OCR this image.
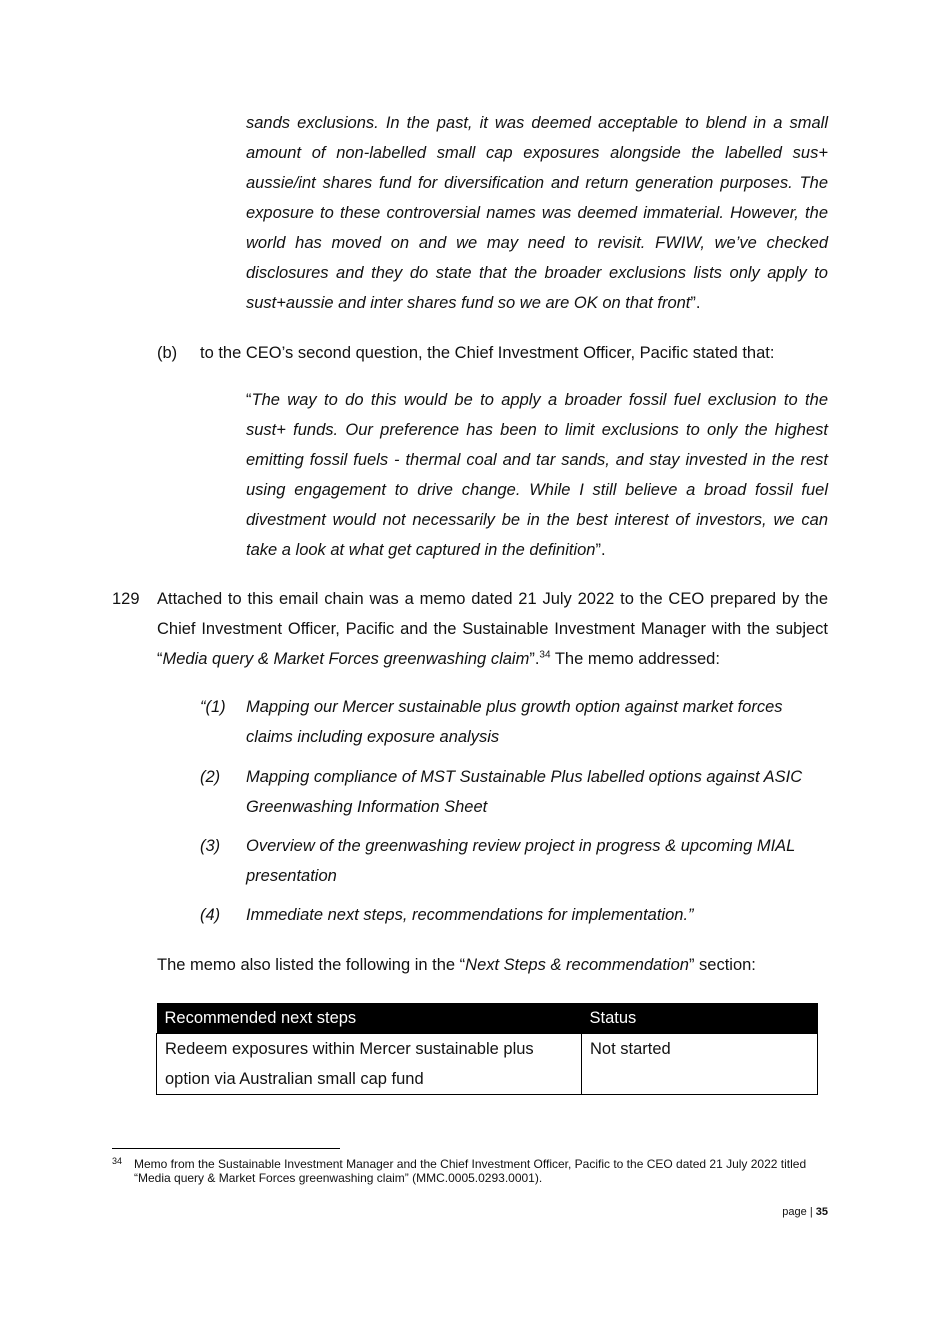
sands exclusions. In the past, it was deemed acceptable to blend in a small amount of non-labelled small cap exposures alongside the labelled sus+ aussie/int shares fund for diversification and return generation purposes. The exposure to these controversial names was deemed immaterial. However, the world has moved on and we may need to revisit. FWIW, we’ve checked disclosures and they do state that the broader exclusions lists only apply to sust+aussie and inter shares fund so we are OK on that front”.
(b) to the CEO’s second question, the Chief Investment Officer, Pacific stated that:
“The way to do this would be to apply a broader fossil fuel exclusion to the sust+ funds. Our preference has been to limit exclusions to only the highest emitting fossil fuels - thermal coal and tar sands, and stay invested in the rest using engagement to drive change. While I still believe a broad fossil fuel divestment would not necessarily be in the best interest of investors, we can take a look at what get captured in the definition”.
129 Attached to this email chain was a memo dated 21 July 2022 to the CEO prepared by the Chief Investment Officer, Pacific and the Sustainable Investment Manager with the subject “Media query & Market Forces greenwashing claim”.$^{34}$ The memo addressed:
“(1) Mapping our Mercer sustainable plus growth option against market forces claims including exposure analysis
(2) Mapping compliance of MST Sustainable Plus labelled options against ASIC Greenwashing Information Sheet
(3) Overview of the greenwashing review project in progress & upcoming MIAL presentation
(4) Immediate next steps, recommendations for implementation.”
The memo also listed the following in the “Next Steps & recommendation” section:
Recommended next steps	Status
Redeem exposures within Mercer sustainable plus option via Australian small cap fund	Not started
34 Memo from the Sustainable Investment Manager and the Chief Investment Officer, Pacific to the CEO dated 21 July 2022 titled “Media query & Market Forces greenwashing claim” (MMC.0005.0293.0001).
page | 35
